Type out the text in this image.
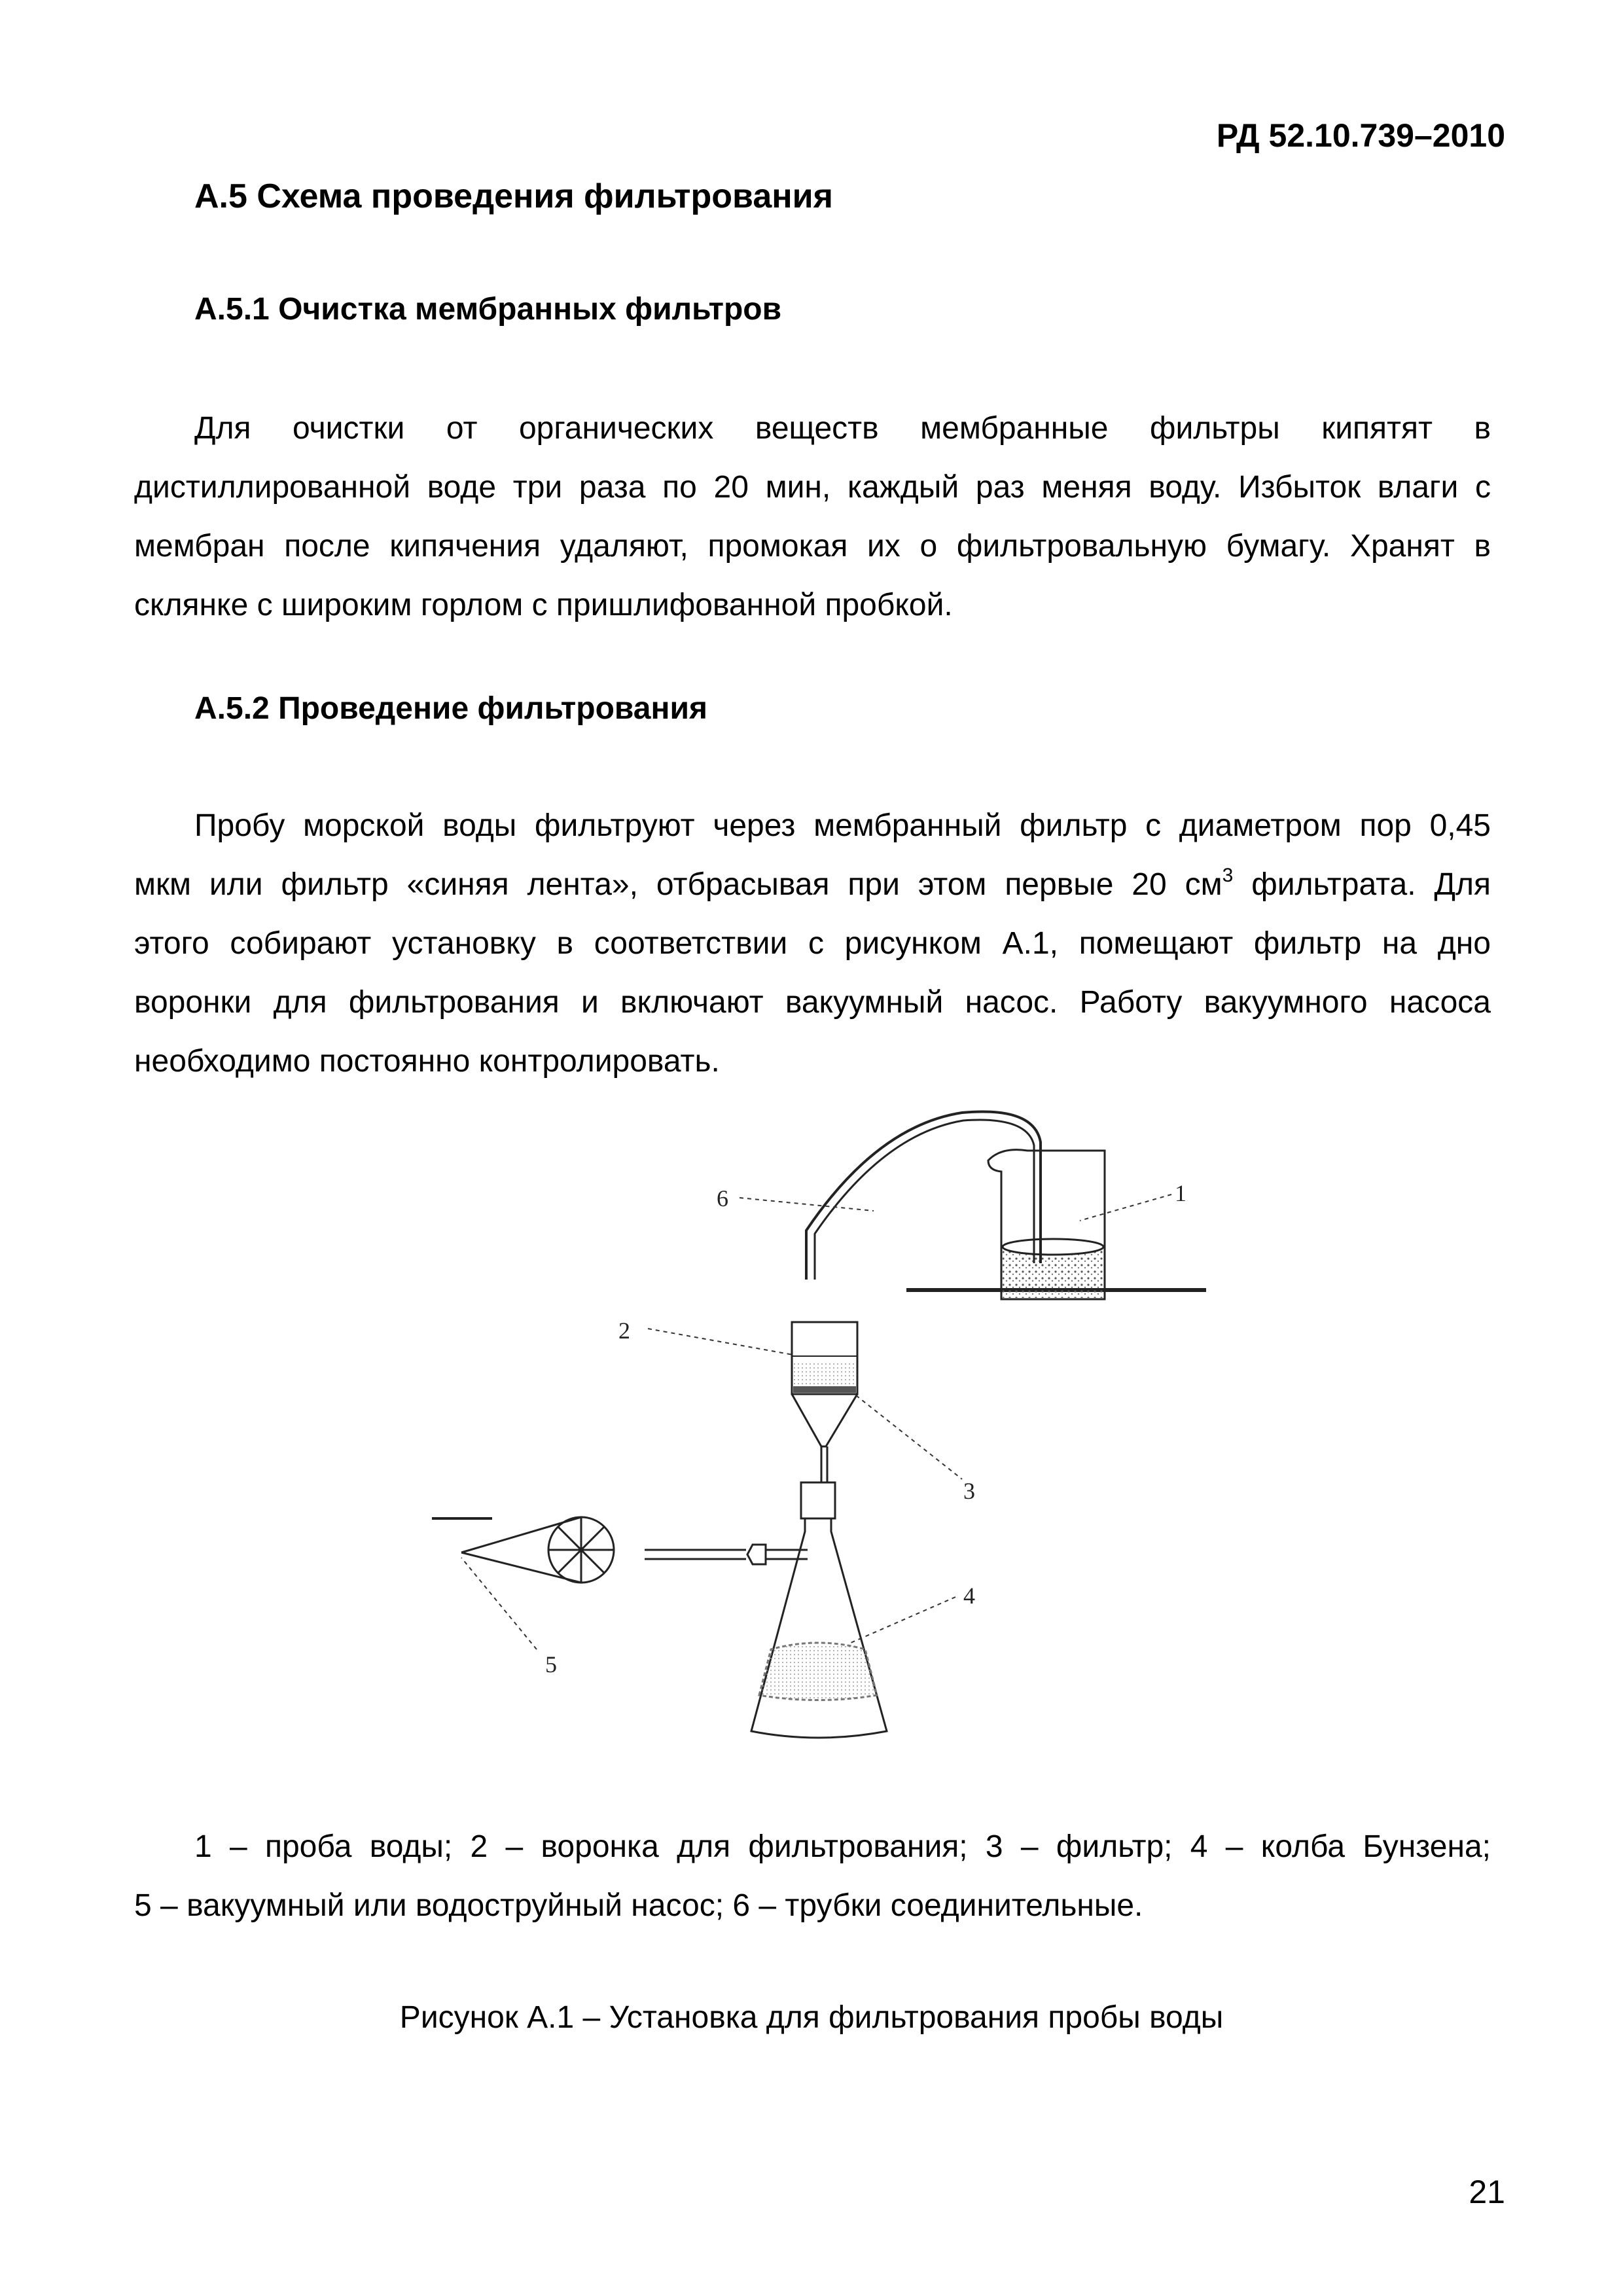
РД 52.10.739–2010
А.5 Схема проведения фильтрования
А.5.1 Очистка мембранных фильтров
Для очистки от органических веществ мембранные фильтры кипятят в
дистиллированной воде три раза по 20 мин, каждый раз меняя воду. Избыток влаги с
мембран после кипячения удаляют, промокая их о фильтровальную бумагу. Хранят в
склянке с широким горлом с пришлифованной пробкой.
А.5.2 Проведение фильтрования
Пробу морской воды фильтруют через мембранный фильтр с диаметром пор 0,45
мкм или фильтр «синяя лента», отбрасывая при этом первые 20 $см^3$ фильтрата. Для
этого собирают установку в соответствии с рисунком А.1, помещают фильтр на дно
воронки для фильтрования и включают вакуумный насос. Работу вакуумного насоса
необходимо постоянно контролировать.
1
2
3
4
5
6
1 – проба воды; 2 – воронка для фильтрования; 3 – фильтр; 4 – колба Бунзена;
5 – вакуумный или водоструйный насос; 6 – трубки соединительные.
Рисунок А.1 – Установка для фильтрования пробы воды
21
